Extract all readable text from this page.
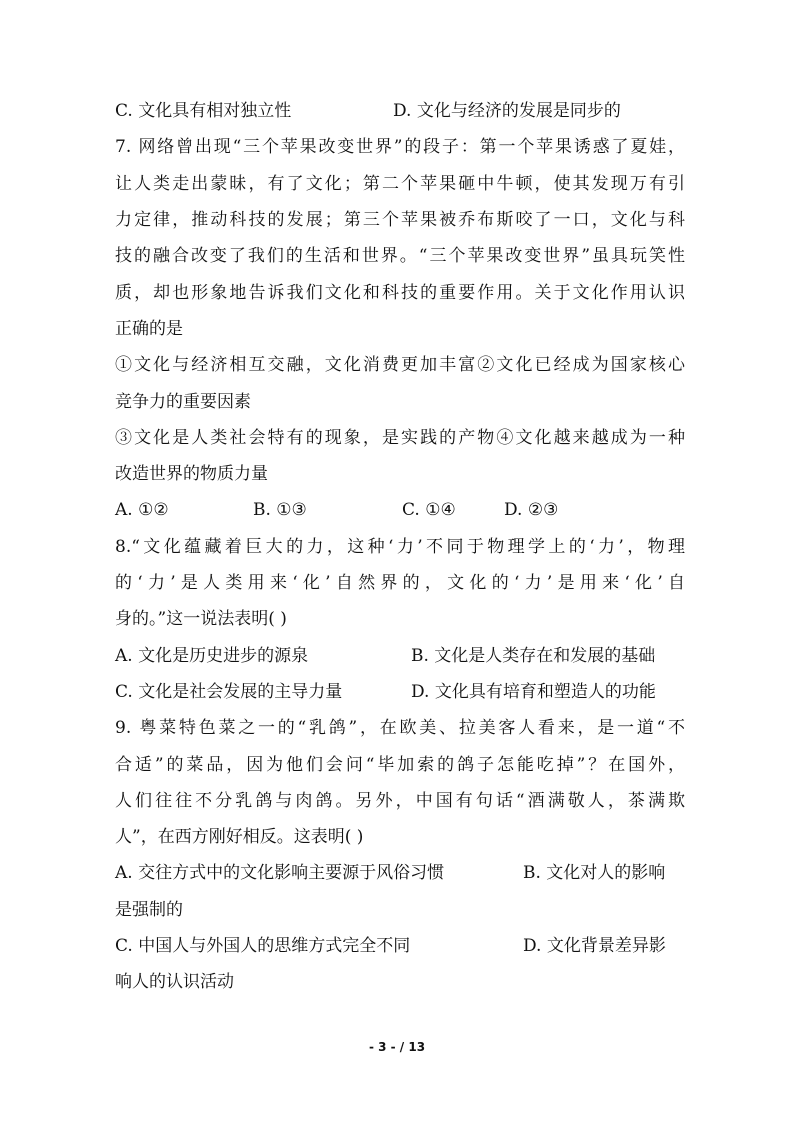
C. 文化具有相对独立性	D. 文化与经济的发展是同步的
7. 网络曾出现“三个苹果改变世界”的段子：第一个苹果诱惑了夏娃，
让人类走出蒙昧，有了文化；第二个苹果砸中牛顿，使其发现万有引
力定律，推动科技的发展；第三个苹果被乔布斯咬了一口，文化与科
技的融合改变了我们的生活和世界。“三个苹果改变世界”虽具玩笑性
质，却也形象地告诉我们文化和科技的重要作用。关于文化作用认识
正确的是
①文化与经济相互交融，文化消费更加丰富②文化已经成为国家核心
竞争力的重要因素
③文化是人类社会特有的现象，是实践的产物④文化越来越成为一种
改造世界的物质力量
A. ①②	B. ①③	C. ①④	D. ②③
8.“文化蕴藏着巨大的力，这种‘力’不同于物理学上的‘力’，物理
的‘力’是人类用来‘化’自然界的，文化的‘力’是用来‘化’自
身的。”这一说法表明( )
A. 文化是历史进步的源泉	B. 文化是人类存在和发展的基础
C. 文化是社会发展的主导力量	D. 文化具有培育和塑造人的功能
9. 粤菜特色菜之一的“乳鸽”，在欧美、拉美客人看来，是一道“不
合适”的菜品，因为他们会问“毕加索的鸽子怎能吃掉”？在国外，
人们往往不分乳鸽与肉鸽。另外，中国有句话“酒满敬人，茶满欺
人”，在西方刚好相反。这表明( )
A. 交往方式中的文化影响主要源于风俗习惯	B. 文化对人的影响
是强制的
C. 中国人与外国人的思维方式完全不同	D. 文化背景差异影
响人的认识活动
- 3 - / 13
